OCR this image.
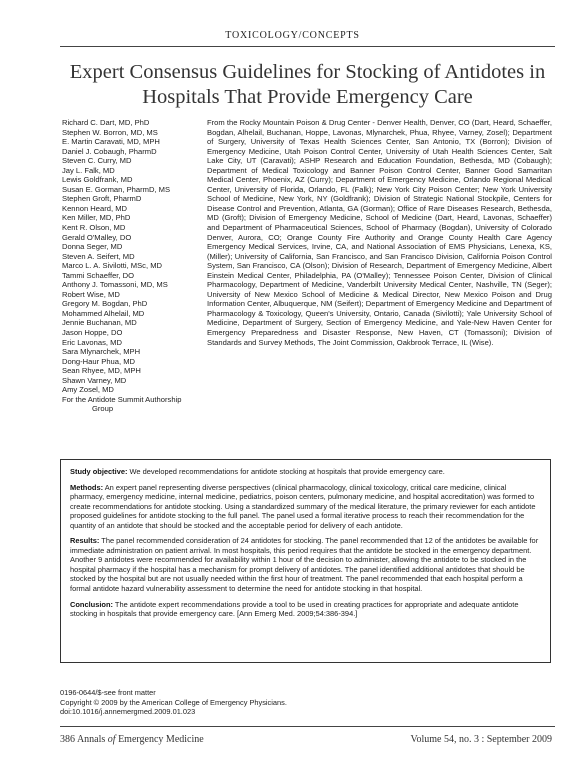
TOXICOLOGY/CONCEPTS
Expert Consensus Guidelines for Stocking of Antidotes in
Hospitals That Provide Emergency Care
Richard C. Dart, MD, PhD
Stephen W. Borron, MD, MS
E. Martin Caravati, MD, MPH
Daniel J. Cobaugh, PharmD
Steven C. Curry, MD
Jay L. Falk, MD
Lewis Goldfrank, MD
Susan E. Gorman, PharmD, MS
Stephen Groft, PharmD
Kennon Heard, MD
Ken Miller, MD, PhD
Kent R. Olson, MD
Gerald O'Malley, DO
Donna Seger, MD
Steven A. Seifert, MD
Marco L. A. Sivilotti, MSc, MD
Tammi Schaeffer, DO
Anthony J. Tomassoni, MD, MS
Robert Wise, MD
Gregory M. Bogdan, PhD
Mohammed Alhelail, MD
Jennie Buchanan, MD
Jason Hoppe, DO
Eric Lavonas, MD
Sara Mlynarchek, MPH
Dong-Haur Phua, MD
Sean Rhyee, MD, MPH
Shawn Varney, MD
Amy Zosel, MD
For the Antidote Summit Authorship
Group
From the Rocky Mountain Poison & Drug Center - Denver Health, Denver, CO (Dart, Heard, Schaeffer, Bogdan, Alhelail, Buchanan, Hoppe, Lavonas, Mlynarchek, Phua, Rhyee, Varney, Zosel); Department of Surgery, University of Texas Health Sciences Center, San Antonio, TX (Borron); Division of Emergency Medicine, Utah Poison Control Center, University of Utah Health Sciences Center, Salt Lake City, UT (Caravati); ASHP Research and Education Foundation, Bethesda, MD (Cobaugh); Department of Medical Toxicology and Banner Poison Control Center, Banner Good Samaritan Medical Center, Phoenix, AZ (Curry); Department of Emergency Medicine, Orlando Regional Medical Center, University of Florida, Orlando, FL (Falk); New York City Poison Center; New York University School of Medicine, New York, NY (Goldfrank); Division of Strategic National Stockpile, Centers for Disease Control and Prevention, Atlanta, GA (Gorman); Office of Rare Diseases Research, Bethesda, MD (Groft); Division of Emergency Medicine, School of Medicine (Dart, Heard, Lavonas, Schaeffer) and Department of Pharmaceutical Sciences, School of Pharmacy (Bogdan), University of Colorado Denver, Aurora, CO; Orange County Fire Authority and Orange County Health Care Agency Emergency Medical Services, Irvine, CA, and National Association of EMS Physicians, Lenexa, KS, (Miller); University of California, San Francisco, and San Francisco Division, California Poison Control System, San Francisco, CA (Olson); Division of Research, Department of Emergency Medicine, Albert Einstein Medical Center, Philadelphia, PA (O'Malley); Tennessee Poison Center, Division of Clinical Pharmacology, Department of Medicine, Vanderbilt University Medical Center, Nashville, TN (Seger); University of New Mexico School of Medicine & Medical Director, New Mexico Poison and Drug Information Center, Albuquerque, NM (Seifert); Department of Emergency Medicine and Department of Pharmacology & Toxicology, Queen's University, Ontario, Canada (Sivilotti); Yale University School of Medicine, Department of Surgery, Section of Emergency Medicine, and Yale-New Haven Center for Emergency Preparedness and Disaster Response, New Haven, CT (Tomassoni); Division of Standards and Survey Methods, The Joint Commission, Oakbrook Terrace, IL (Wise).

Study objective: We developed recommendations for antidote stocking at hospitals that provide emergency care.

Methods: An expert panel representing diverse perspectives (clinical pharmacology, clinical toxicology, critical care medicine, clinical pharmacy, emergency medicine, internal medicine, pediatrics, poison centers, pulmonary medicine, and hospital accreditation) was formed to create recommendations for antidote stocking. Using a standardized summary of the medical literature, the primary reviewer for each antidote proposed guidelines for antidote stocking to the full panel. The panel used a formal iterative process to reach their recommendation for the quantity of an antidote that should be stocked and the acceptable period for delivery of each antidote.

Results: The panel recommended consideration of 24 antidotes for stocking. The panel recommended that 12 of the antidotes be available for immediate administration on patient arrival. In most hospitals, this period requires that the antidote be stocked in the emergency department. Another 9 antidotes were recommended for availability within 1 hour of the decision to administer, allowing the antidote to be stocked in the hospital pharmacy if the hospital has a mechanism for prompt delivery of antidotes. The panel identified additional antidotes that should be stocked by the hospital but are not usually needed within the first hour of treatment. The panel recommended that each hospital perform a formal antidote hazard vulnerability assessment to determine the need for antidote stocking in that hospital.

Conclusion: The antidote expert recommendations provide a tool to be used in creating practices for appropriate and adequate antidote stocking in hospitals that provide emergency care. [Ann Emerg Med. 2009;54:386-394.]

0196-0644/$-see front matter
Copyright © 2009 by the American College of Emergency Physicians.
doi:10.1016/j.annemergmed.2009.01.023
386 Annals of Emergency Medicine	Volume 54, no. 3 : September 2009
